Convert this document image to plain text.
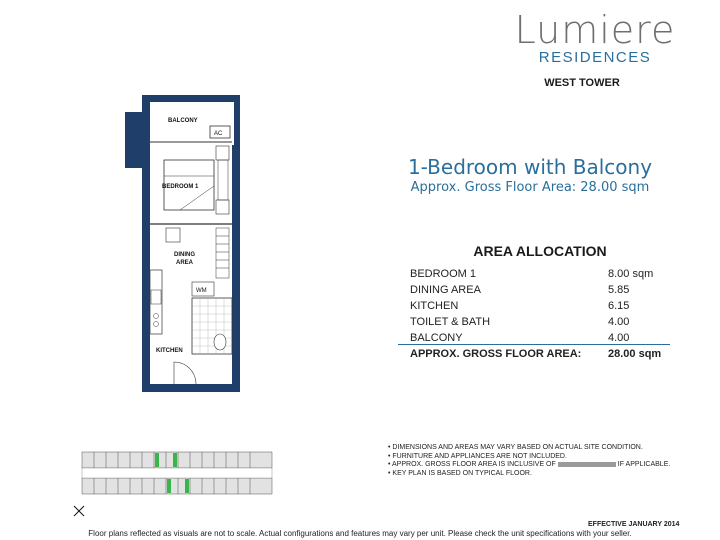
Lumiere
RESIDENCES
WEST TOWER
BALCONY
AC
BEDROOM 1
DINING
AREA
WM
KITCHEN
1-Bedroom with Balcony
Approx. Gross Floor Area: 28.00 sqm
AREA ALLOCATION
BEDROOM 1	8.00 sqm
DINING AREA	5.85
KITCHEN	6.15
TOILET & BATH	4.00
BALCONY	4.00
APPROX. GROSS FLOOR AREA: 28.00 sqm
• DIMENSIONS AND AREAS MAY VARY BASED ON ACTUAL SITE CONDITION.
• FURNITURE AND APPLIANCES ARE NOT INCLUDED.
• APPROX. GROSS FLOOR AREA IS INCLUSIVE OF	IF APPLICABLE.
• KEY PLAN IS BASED ON TYPICAL FLOOR.
EFFECTIVE JANUARY 2014
Floor plans reflected as visuals are not to scale. Actual configurations and features may vary per unit. Please check the unit specifications with your seller.
